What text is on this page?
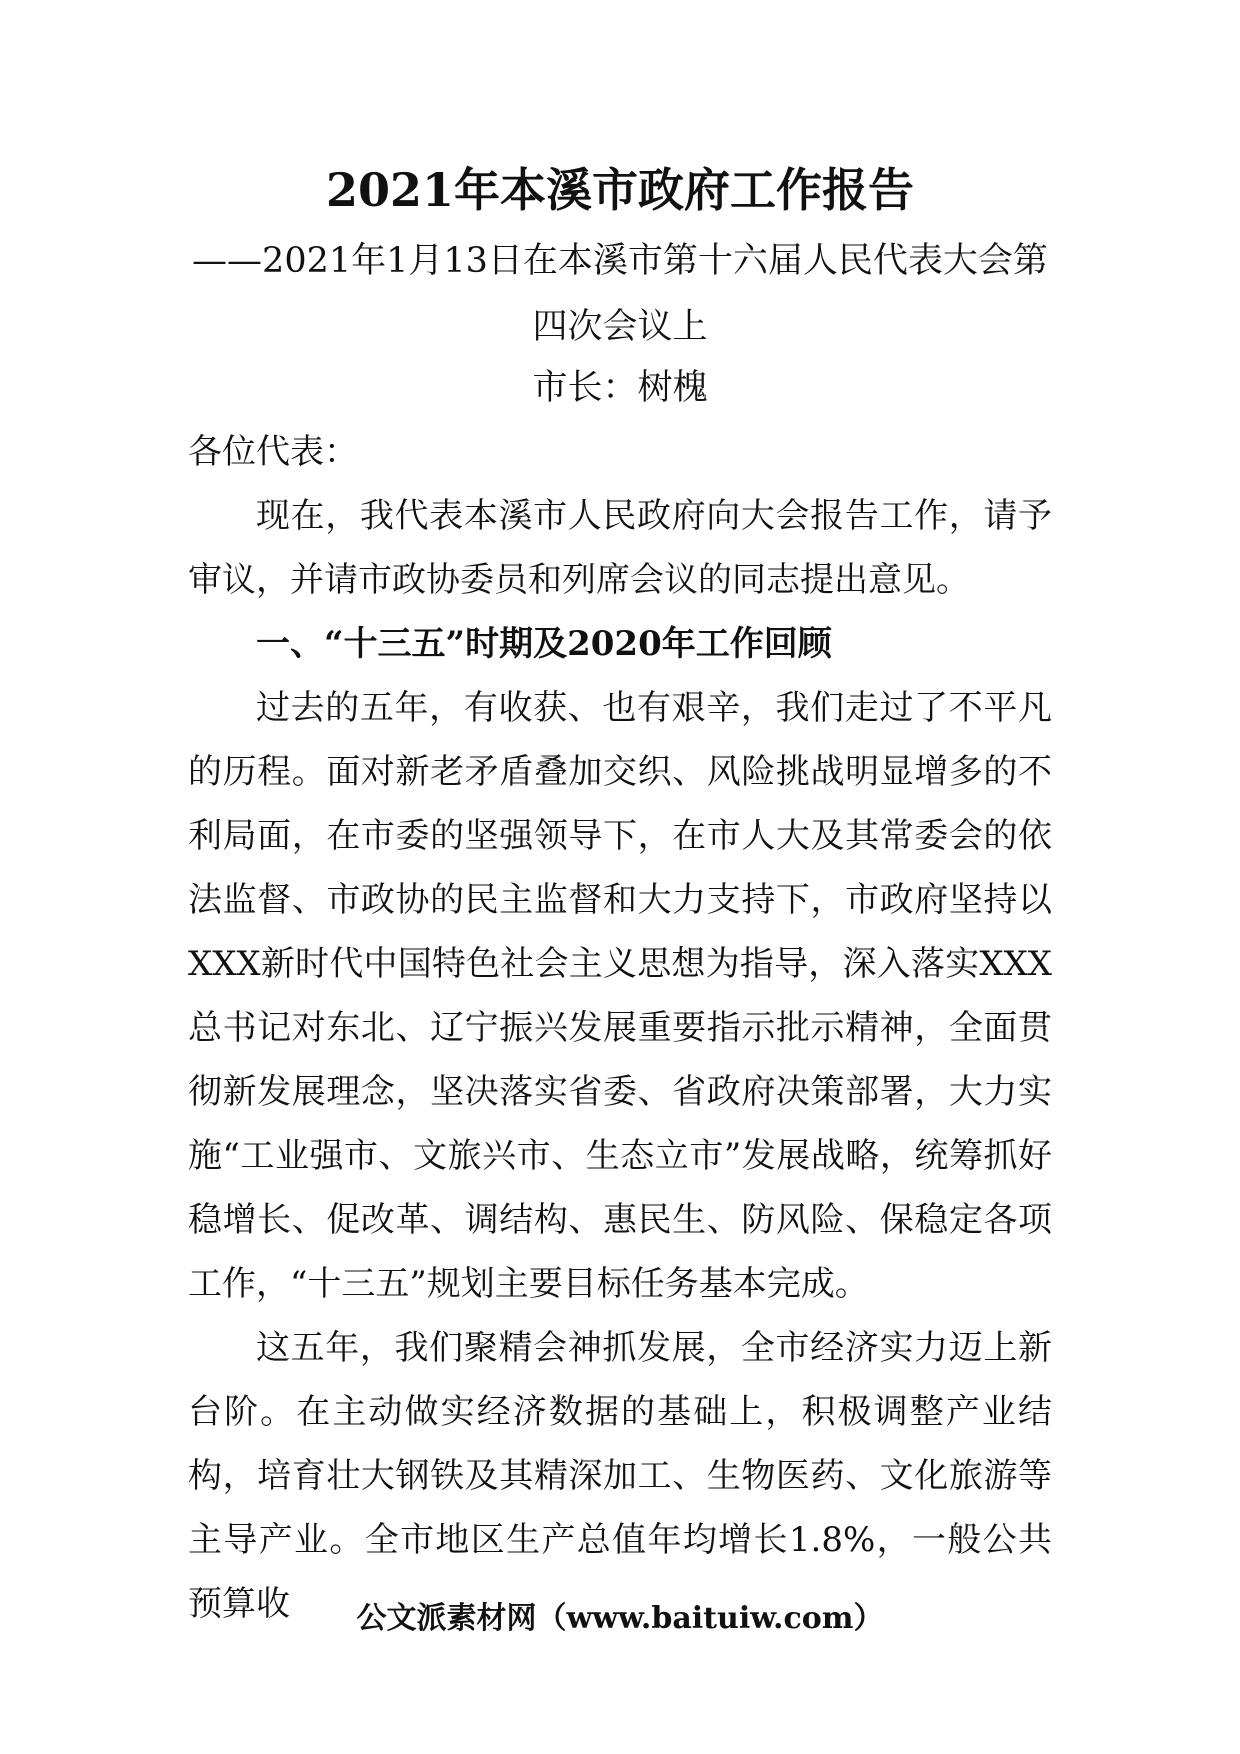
2021年本溪市政府工作报告
——2021年1月13日在本溪市第十六届人民代表大会第四次会议上
市长：树槐

各位代表：

现在，我代表本溪市人民政府向大会报告工作，请予审议，并请市政协委员和列席会议的同志提出意见。

一、“十三五”时期及2020年工作回顾

过去的五年，有收获、也有艰辛，我们走过了不平凡的历程。面对新老矛盾叠加交织、风险挑战明显增多的不利局面，在市委的坚强领导下，在市人大及其常委会的依法监督、市政协的民主监督和大力支持下，市政府坚持以XXX新时代中国特色社会主义思想为指导，深入落实XXX总书记对东北、辽宁振兴发展重要指示批示精神，全面贯彻新发展理念，坚决落实省委、省政府决策部署，大力实施“工业强市、文旅兴市、生态立市”发展战略，统筹抓好稳增长、促改革、调结构、惠民生、防风险、保稳定各项工作，“十三五”规划主要目标任务基本完成。

这五年，我们聚精会神抓发展，全市经济实力迈上新台阶。在主动做实经济数据的基础上，积极调整产业结构，培育壮大钢铁及其精深加工、生物医药、文化旅游等主导产业。全市地区生产总值年均增长1.8%，一般公共预算收	公文派素材网（www.baituiw.com）
